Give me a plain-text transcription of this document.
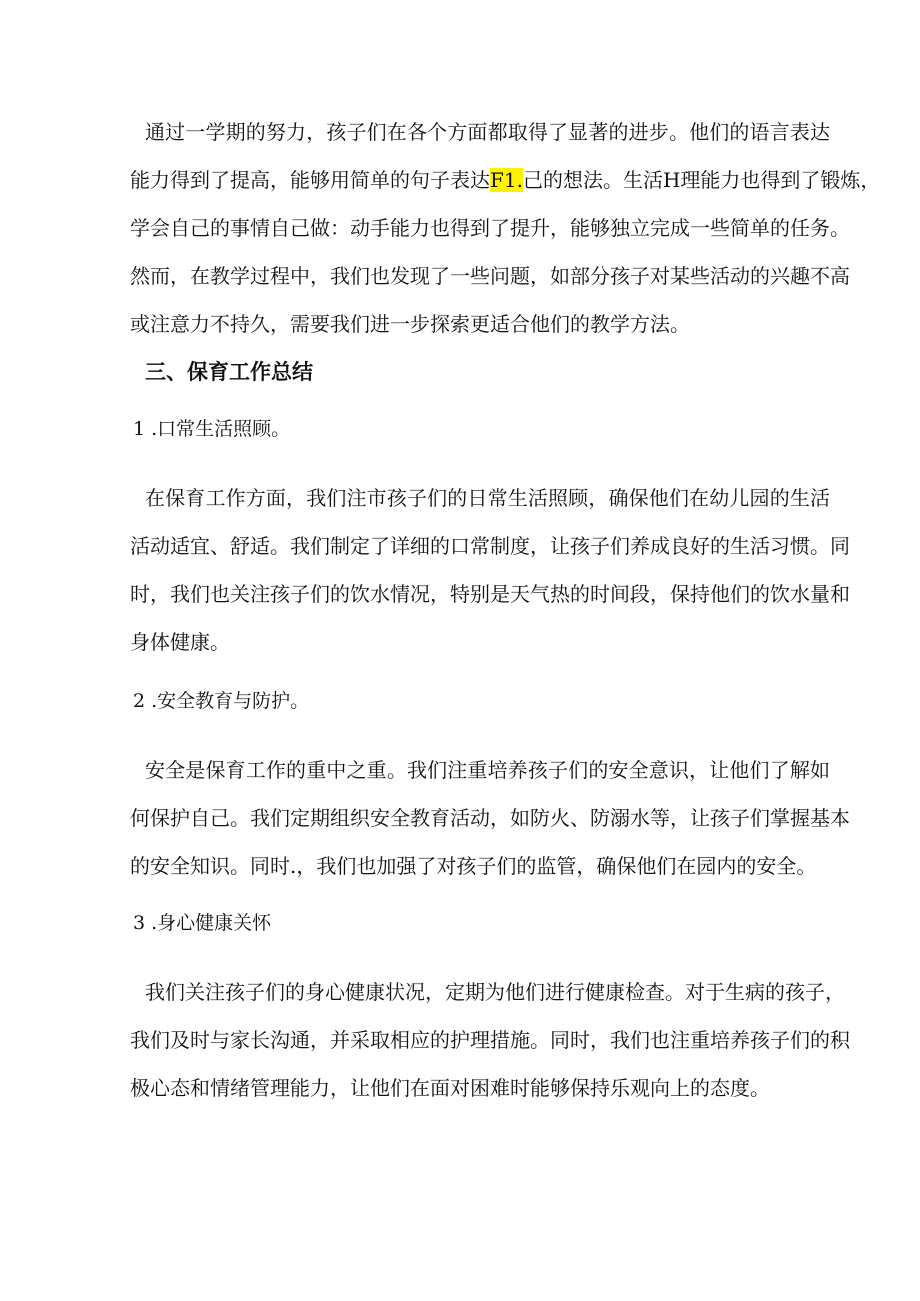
通过一学期的努力，孩子们在各个方面都取得了显著的进步。他们的语言表达
能力得到了提高，能够用简单的句子表达F1.己的想法。生活H理能力也得到了锻炼，
学会自己的事情自己做：动手能力也得到了提升，能够独立完成一些简单的任务。
然而，在教学过程中，我们也发现了一些问题，如部分孩子对某些活动的兴趣不高
或注意力不持久，需要我们进一步探索更适合他们的教学方法。
三、保育工作总结

1 .口常生活照顾。

在保育工作方面，我们注市孩子们的日常生活照顾，确保他们在幼儿园的生活
活动适宜、舒适。我们制定了详细的口常制度，让孩子们养成良好的生活习惯。同
时，我们也关注孩子们的饮水情况，特别是天气热的时间段，保持他们的饮水量和
身体健康。

2 .安全教育与防护。

安全是保育工作的重中之重。我们注重培养孩子们的安全意识，让他们了解如
何保护自己。我们定期组织安全教育活动，如防火、防溺水等，让孩子们掌握基本
的安全知识。同时.，我们也加强了对孩子们的监管，确保他们在园内的安全。

3 .身心健康关怀

我们关注孩子们的身心健康状况，定期为他们进行健康检查。对于生病的孩子，
我们及时与家长沟通，并采取相应的护理措施。同时，我们也注重培养孩子们的积
极心态和情绪管理能力，让他们在面对困难时能够保持乐观向上的态度。
